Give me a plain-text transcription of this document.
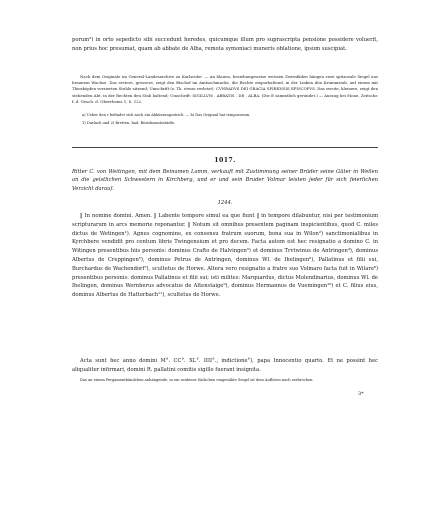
porum³) in orto sepedicto sibi succedunt heredes, quicumque illum pro suprascripta pensione possidere voluerit, non prius hoc presumat, quam ab abbate de Alba, remota symoniaci muneris oblatione, ipsum suscipiat.

Nach dem Originale im General-Landesarchive zu Karlsruhe. — An blauen, beziehungsweise weissen Zwirnfäden hängen zwei spitzovale Siegel aus braunem Wachse. Das erstere, grössere, zeigt den Bischof im Amtsschmucke, die Rechte emporhaltend, in der Linken den Krummstab, auf einem mit Thierköpfen verzierten Stuhle sitzend; Umschrift (z. Th. etwas verletzt): CVNRADVS DEI GRACIA SPIRENSIS EPISCOPVS. Das zweite, kleinere, zeigt den stehenden Abt, in der Rechten den Stab haltend; Umschrift: SIGILLVM . ABBATIS . DE . ALBA. (Die E sämmtlich gerundet.) — Auszug bei Mone, Zeitschr. f. d. Gesch. d. Oberrheins 1, S. 122.

a) Ueber den r befindet sich noch ein Abkürzungsstrich. — b) Das Original hat temporarum.

1) Durlach und 2) Bretten, bad. Bezirksamtsstädte.

1017.

Ritter C. von Weitingen, mit dem Beinamen Lamm, verkauft mit Zustimmung seiner Brüder seine Güter in Weilen an die geistlichen Schwestern in Kirchberg, und er und sein Bruder Volmar leisten jeder für sich feierlichen Verzicht darauf.

1244.

‖ In nomine domini. Amen. ‖ Labente tempore simul ea que fiunt ‖ in tempore dilabuntur, nisi per testimonium scripturarum in arcs memorie reponantur. ‖ Notum sit omnibus presentem paginam inspicientibus, quod C. miles dictus de Wetingen¹). Agnus cognomine, ex consensu fratrum suorum, bona sua in Wilon²) sanctimonialibus in Kyrchbere vendidit pro centum libris Twingensium et pro decem. Facta autem est hec resignatio a domino C. in Witingen presentibus hiis personis: dominus Crafto de Halvingen³) et dominus Trvtwinus de Antringen⁴), dominus Albertus de Creppingen⁵), dominus Petrus de Antringen, dominus Wl. de Ihelingen⁶), Pallatinus et filii sui, Burchardus de Wachendorf⁷), scultetus de Horwe. Altera vero resignatio a fratre suo Volmaro facta fuit in Wilare⁸) presentibus personis: dominus Pallatinus et filii sui; isti milites: Marquardus, dictus Molendinarius, dominus Wl. de Ihelingen, dominus Wernherus advocatus de Altenstaige⁹), dominus Hermannus de Vuemingen¹⁰) et C. filius eius, dominus Albertus de Hatterbach¹¹), scultetus de Horwe.

Acta sunt hec anno domini M°. CC°. XL°. IIII°., indictione°), papa Innocentio quarto. Et ne possint hec aliqualiter infirmari, domini R. pallatini comitis sigillo fuerant insignita.

Das an einem Pergamentbändchen anhängende, in ein seidenes Säckchen eingenähte Siegel ist dem Auflösen nach zerbrochen.

3*
